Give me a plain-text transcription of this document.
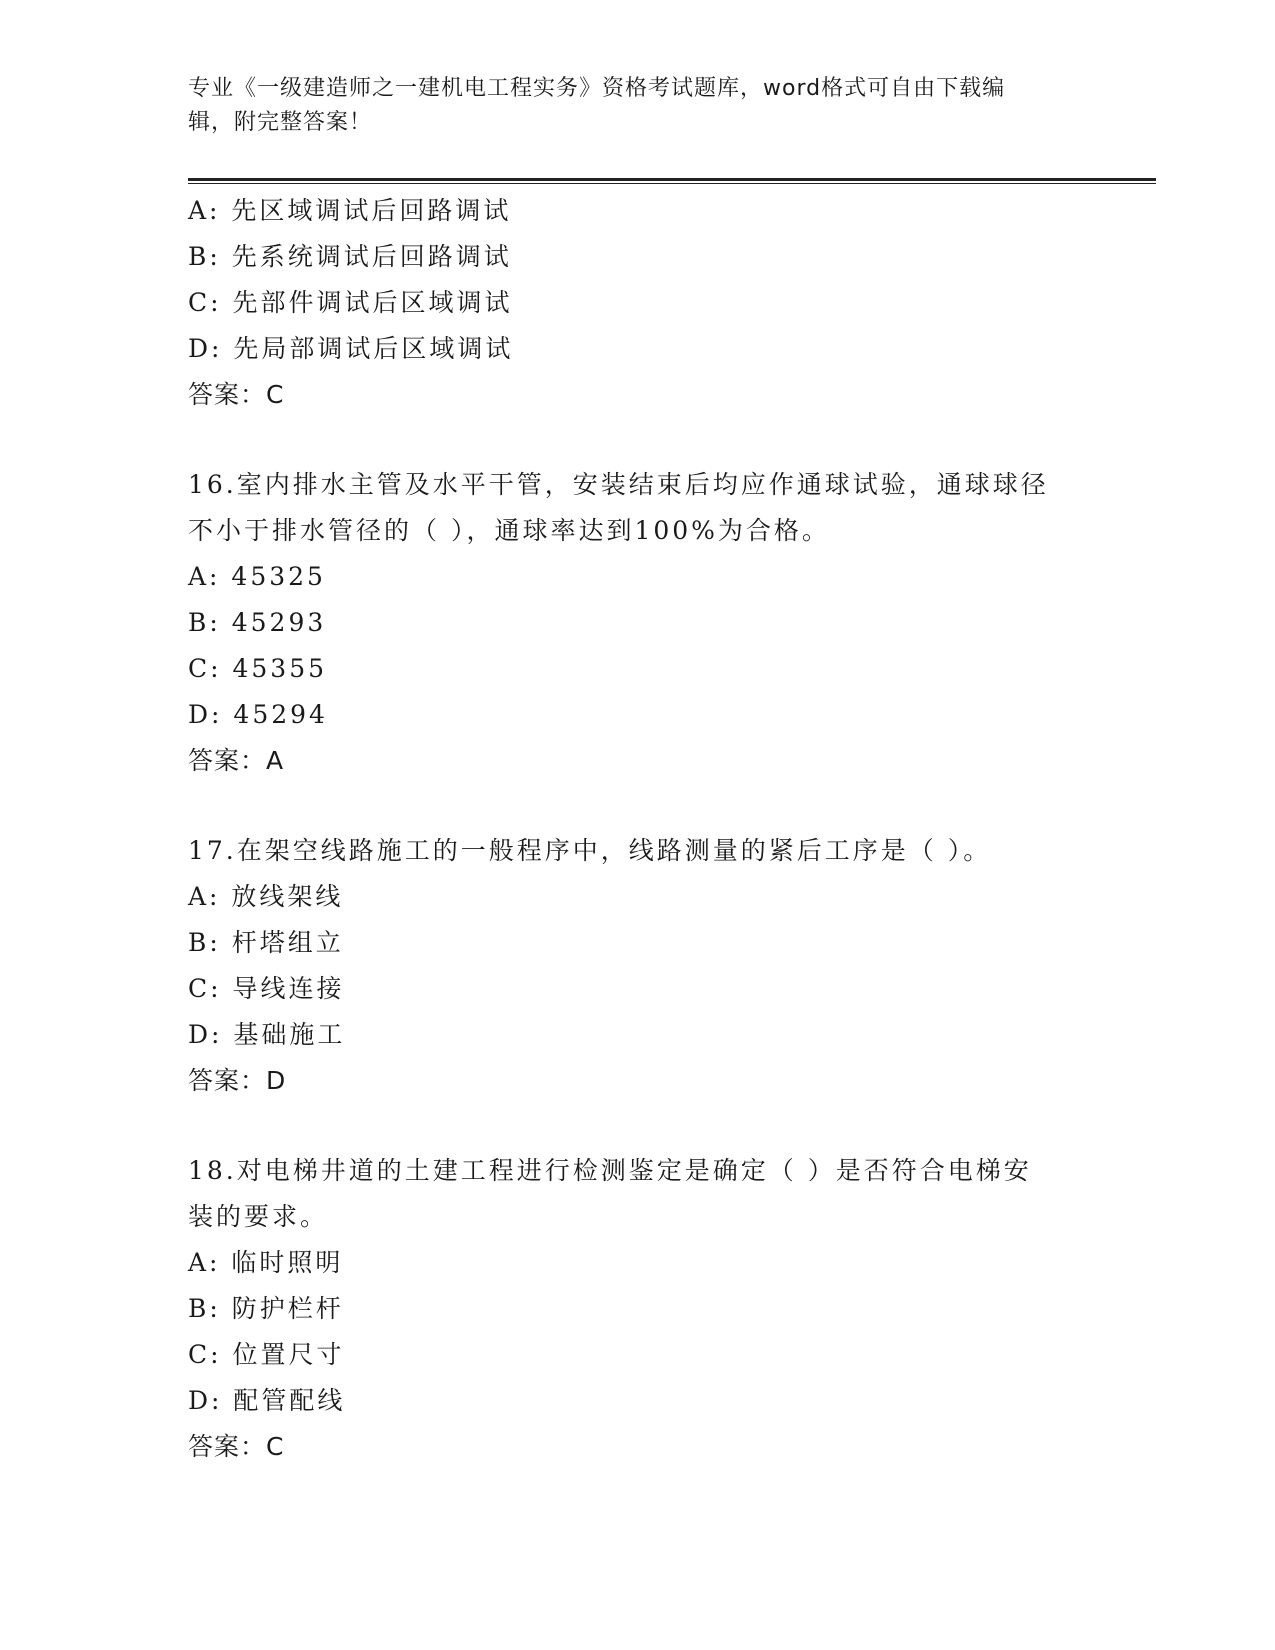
专业《一级建造师之一建机电工程实务》资格考试题库，word格式可自由下载编
辑，附完整答案！
A: 先区域调试后回路调试
B: 先系统调试后回路调试
C: 先部件调试后区域调试
D: 先局部调试后区域调试
答案：C
16.室内排水主管及水平干管，安装结束后均应作通球试验，通球球径
不小于排水管径的（ ），通球率达到100%为合格。
A: 45325
B: 45293
C: 45355
D: 45294
答案：A
17.在架空线路施工的一般程序中，线路测量的紧后工序是（ ）。
A: 放线架线
B: 杆塔组立
C: 导线连接
D: 基础施工
答案：D
18.对电梯井道的土建工程进行检测鉴定是确定（ ）是否符合电梯安
装的要求。
A: 临时照明
B: 防护栏杆
C: 位置尺寸
D: 配管配线
答案：C
